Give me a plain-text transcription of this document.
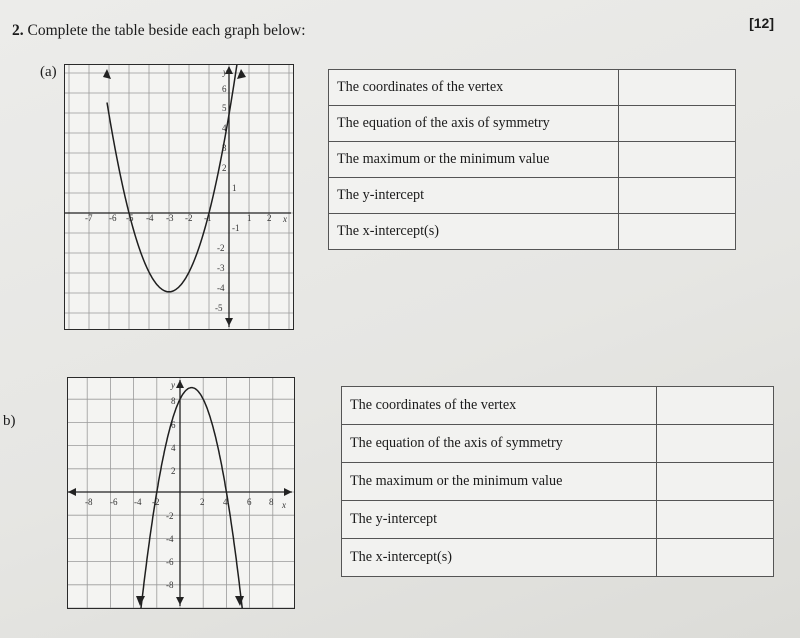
2. Complete the table beside each graph below:	[12]
(a)
x
y
-7 -6 -5 -4 -3 -2 -1	1 2
6
5
4
3
2
1
-1
-2
-3
-4
-5
The coordinates of the vertex	
The equation of the axis of symmetry	
The maximum or the minimum value	
The y-intercept	
The x-intercept(s)	
b)
x
y
-8 -6 -4 -2	2 4 6 8
8
6
4
2
-2
-4
-6
-8
The coordinates of the vertex	
The equation of the axis of symmetry	
The maximum or the minimum value	
The y-intercept	
The x-intercept(s)	
